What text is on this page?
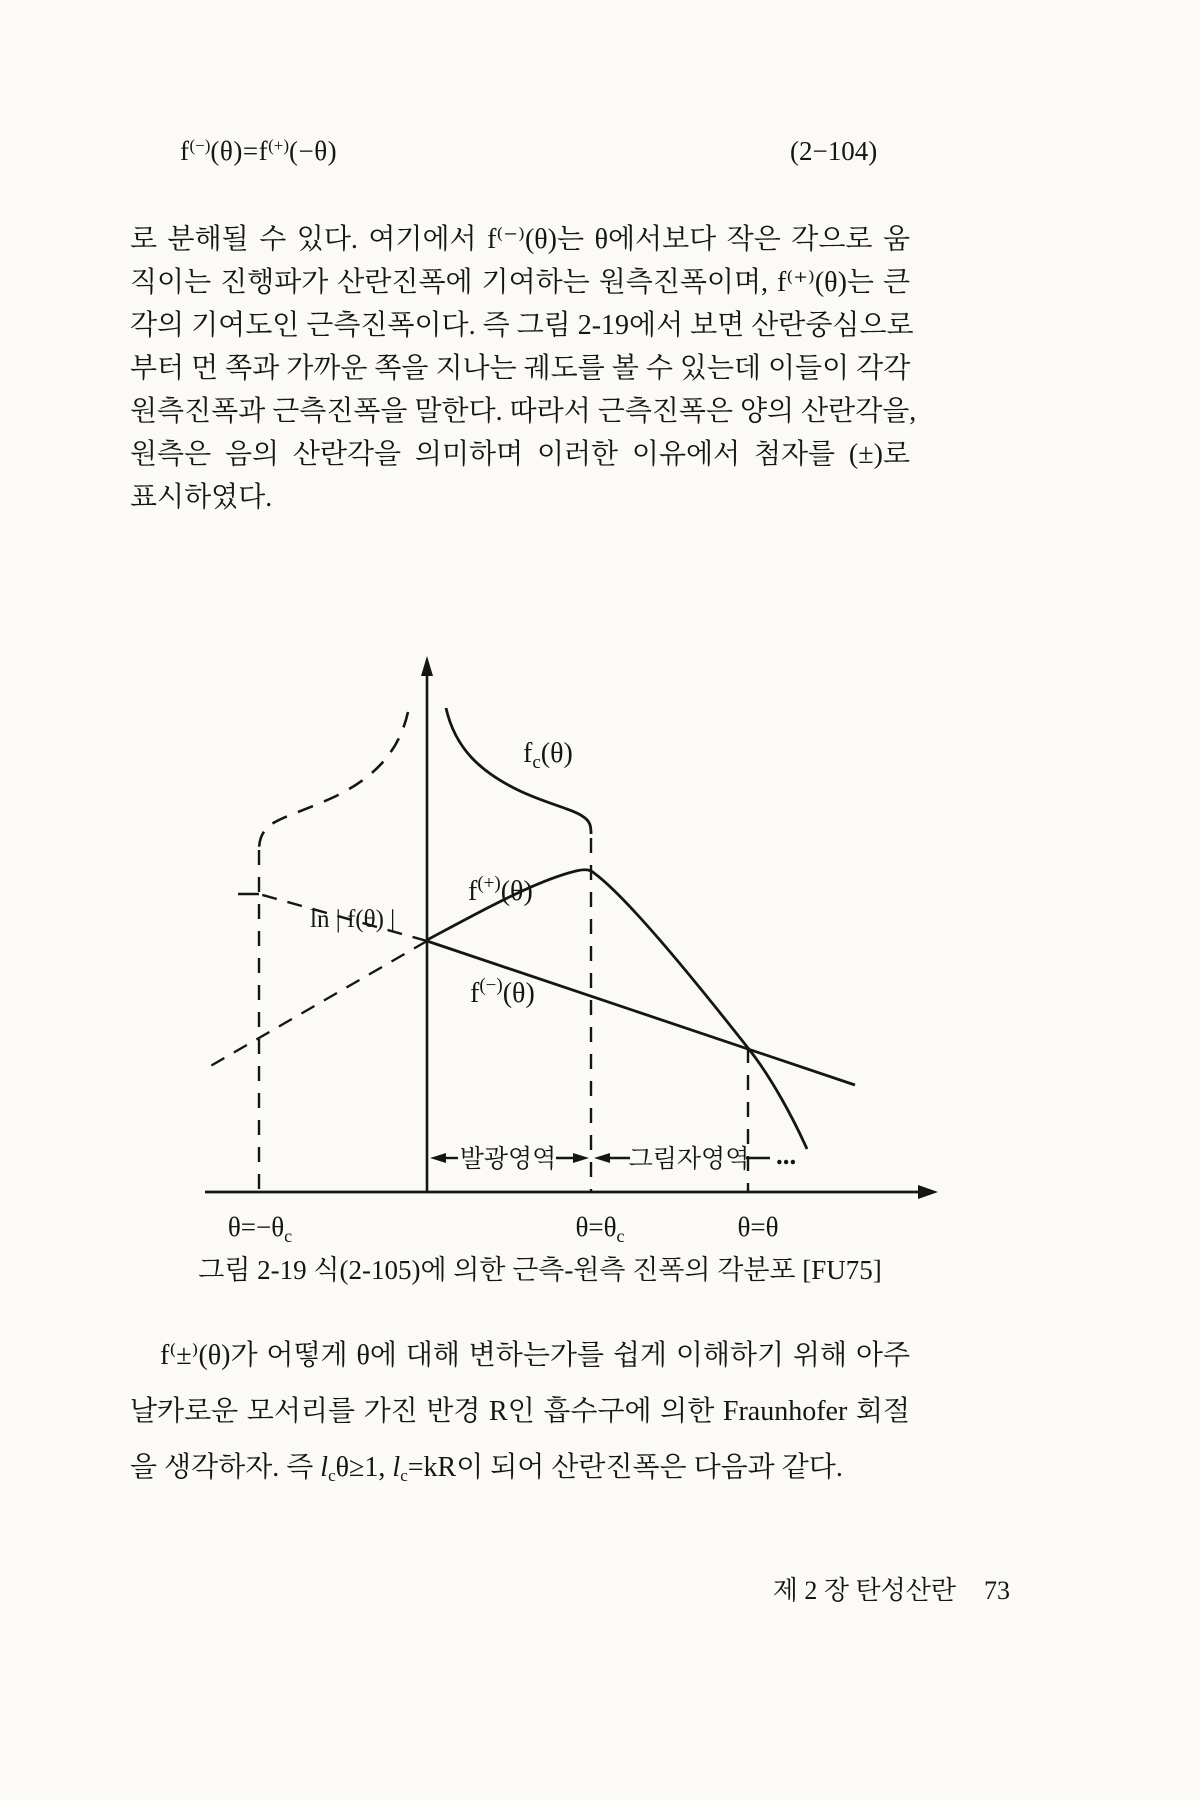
f(−)(θ)=f(+)(−θ)	(2−104)
로 분해될 수 있다. 여기에서 f⁽⁻⁾(θ)는 θ에서보다 작은 각으로 움
직이는 진행파가 산란진폭에 기여하는 원측진폭이며, f⁽⁺⁾(θ)는 큰
각의 기여도인 근측진폭이다. 즉 그림 2-19에서 보면 산란중심으로
부터 먼 쪽과 가까운 쪽을 지나는 궤도를 볼 수 있는데 이들이 각각
원측진폭과 근측진폭을 말한다. 따라서 근측진폭은 양의 산란각을,
원측은 음의 산란각을 의미하며 이러한 이유에서 첨자를 (±)로
표시하였다.
$f_c(\theta)$
ln | f(θ) |
f(+)(θ)
f(−)(θ)
발광영역	그림자영역 ...
$\theta=-\theta_c$	$\theta=\theta_c$	θ=θ
그림 2-19 식(2-105)에 의한 근측-원측 진폭의 각분포 [FU75]
f⁽±⁾(θ)가 어떻게 θ에 대해 변하는가를 쉽게 이해하기 위해 아주
날카로운 모서리를 가진 반경 R인 흡수구에 의한 Fraunhofer 회절
을 생각하자. 즉 $l_c\theta\ge 1$, $l_c=kR$이 되어 산란진폭은 다음과 같다.
제 2 장 탄성산란 73
